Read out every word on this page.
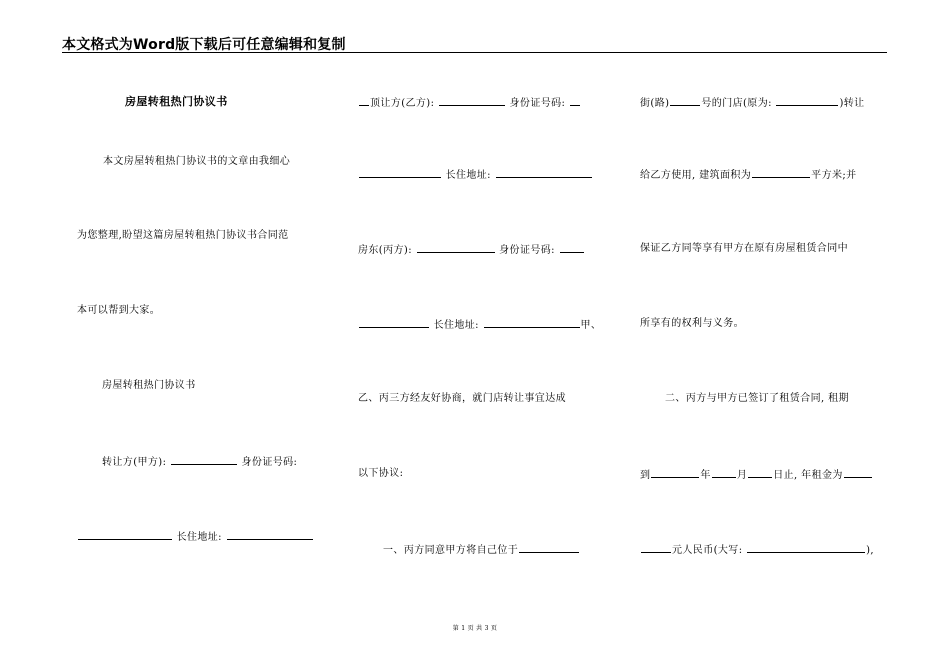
本文格式为Word版下载后可任意编辑和复制
房屋转租热门协议书
本文房屋转租热门协议书的文章由我细心
为您整理,盼望这篇房屋转租热门协议书合同范
本可以帮到大家。
房屋转租热门协议书
转让方(甲方):	身份证号码:
长住地址:
顶让方(乙方):	身份证号码:
长住地址:
房东(丙方):	身份证号码:
长住地址:	甲、
乙、丙三方经友好协商，就门店转让事宜达成
以下协议:
一、丙方同意甲方将自己位于
街(路)	号的门店(原为:	)转让
给乙方使用, 建筑面积为	平方米;并
保证乙方同等享有甲方在原有房屋租赁合同中
所享有的权利与义务。
二、丙方与甲方已签订了租赁合同, 租期
到	年	月	日止, 年租金为
元人民币(大写:	),
第 1 页 共 3 页
